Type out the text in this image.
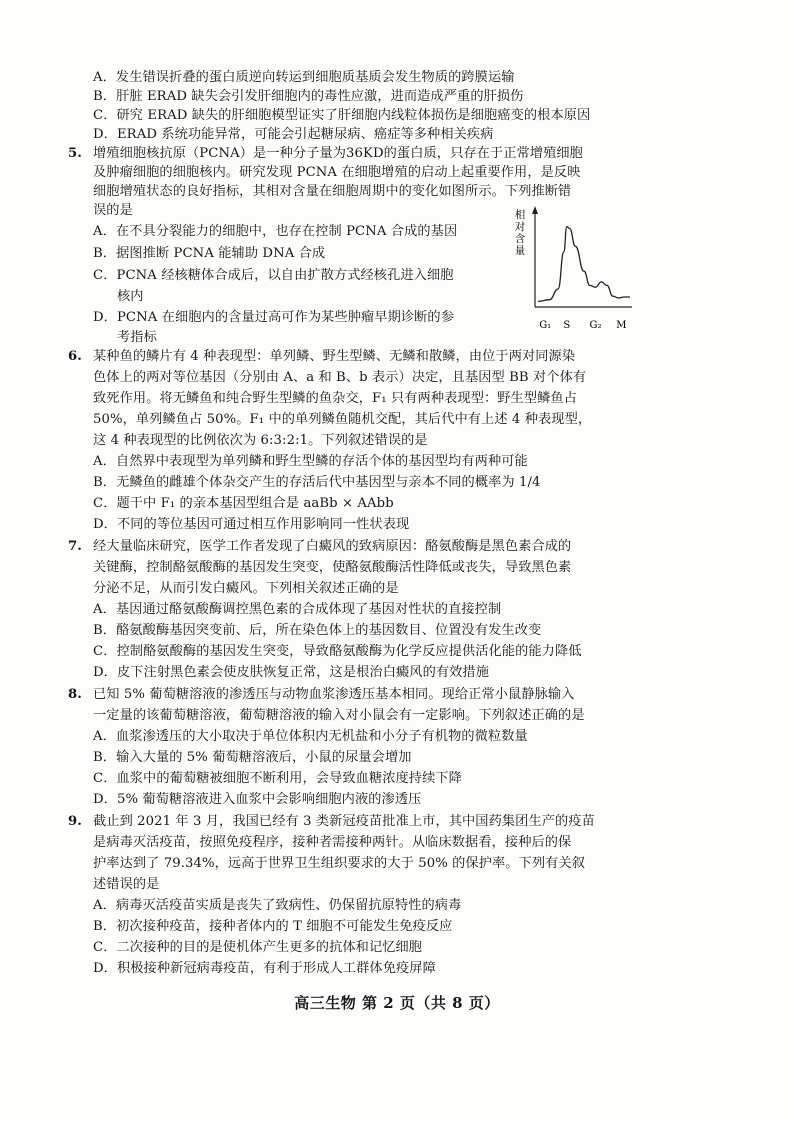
A．发生错误折叠的蛋白质逆向转运到细胞质基质会发生物质的跨膜运输
B．肝脏 ERAD 缺失会引发肝细胞内的毒性应激，进而造成严重的肝损伤
C．研究 ERAD 缺失的肝细胞模型证实了肝细胞内线粒体损伤是细胞癌变的根本原因
D．ERAD 系统功能异常，可能会引起糖尿病、癌症等多种相关疾病
5. 增殖细胞核抗原（PCNA）是一种分子量为36KD的蛋白质，只存在于正常增殖细胞
及肿瘤细胞的细胞核内。研究发现 PCNA 在细胞增殖的启动上起重要作用，是反映
细胞增殖状态的良好指标，其相对含量在细胞周期中的变化如图所示。下列推断错
误的是
A．在不具分裂能力的细胞中，也存在控制 PCNA 合成的基因
B．据图推断 PCNA 能辅助 DNA 合成
C．PCNA 经核糖体合成后，以自由扩散方式经核孔进入细胞
核内
D．PCNA 在细胞内的含量过高可作为某些肿瘤早期诊断的参
考指标
相
对
含
量
G₁ S G₂ M
6. 某种鱼的鳞片有 4 种表现型：单列鳞、野生型鳞、无鳞和散鳞，由位于两对同源染
色体上的两对等位基因（分别由 A、a 和 B、b 表示）决定，且基因型 BB 对个体有
致死作用。将无鳞鱼和纯合野生型鳞的鱼杂交，F₁ 只有两种表现型：野生型鳞鱼占
50%，单列鳞鱼占 50%。F₁ 中的单列鳞鱼随机交配，其后代中有上述 4 种表现型，
这 4 种表现型的比例依次为 6:3:2:1。下列叙述错误的是
A．自然界中表现型为单列鳞和野生型鳞的存活个体的基因型均有两种可能
B．无鳞鱼的雌雄个体杂交产生的存活后代中基因型与亲本不同的概率为 1/4
C．题干中 F₁ 的亲本基因型组合是 aaBb × AAbb
D．不同的等位基因可通过相互作用影响同一性状表现
7. 经大量临床研究，医学工作者发现了白癜风的致病原因：酪氨酸酶是黑色素合成的
关键酶，控制酪氨酸酶的基因发生突变，使酪氨酸酶活性降低或丧失，导致黑色素
分泌不足，从而引发白癜风。下列相关叙述正确的是
A．基因通过酪氨酸酶调控黑色素的合成体现了基因对性状的直接控制
B．酪氨酸酶基因突变前、后，所在染色体上的基因数目、位置没有发生改变
C．控制酪氨酸酶的基因发生突变，导致酪氨酸酶为化学反应提供活化能的能力降低
D．皮下注射黑色素会使皮肤恢复正常，这是根治白癜风的有效措施
8. 已知 5% 葡萄糖溶液的渗透压与动物血浆渗透压基本相同。现给正常小鼠静脉输入
一定量的该葡萄糖溶液，葡萄糖溶液的输入对小鼠会有一定影响。下列叙述正确的是
A．血浆渗透压的大小取决于单位体积内无机盐和小分子有机物的微粒数量
B．输入大量的 5% 葡萄糖溶液后，小鼠的尿量会增加
C．血浆中的葡萄糖被细胞不断利用，会导致血糖浓度持续下降
D．5% 葡萄糖溶液进入血浆中会影响细胞内液的渗透压
9. 截止到 2021 年 3 月，我国已经有 3 类新冠疫苗批准上市，其中国药集团生产的疫苗
是病毒灭活疫苗，按照免疫程序，接种者需接种两针。从临床数据看，接种后的保
护率达到了 79.34%，远高于世界卫生组织要求的大于 50% 的保护率。下列有关叙
述错误的是
A．病毒灭活疫苗实质是丧失了致病性、仍保留抗原特性的病毒
B．初次接种疫苗，接种者体内的 T 细胞不可能发生免疫反应
C．二次接种的目的是使机体产生更多的抗体和记忆细胞
D．积极接种新冠病毒疫苗，有利于形成人工群体免疫屏障
高三生物 第 2 页（共 8 页）
